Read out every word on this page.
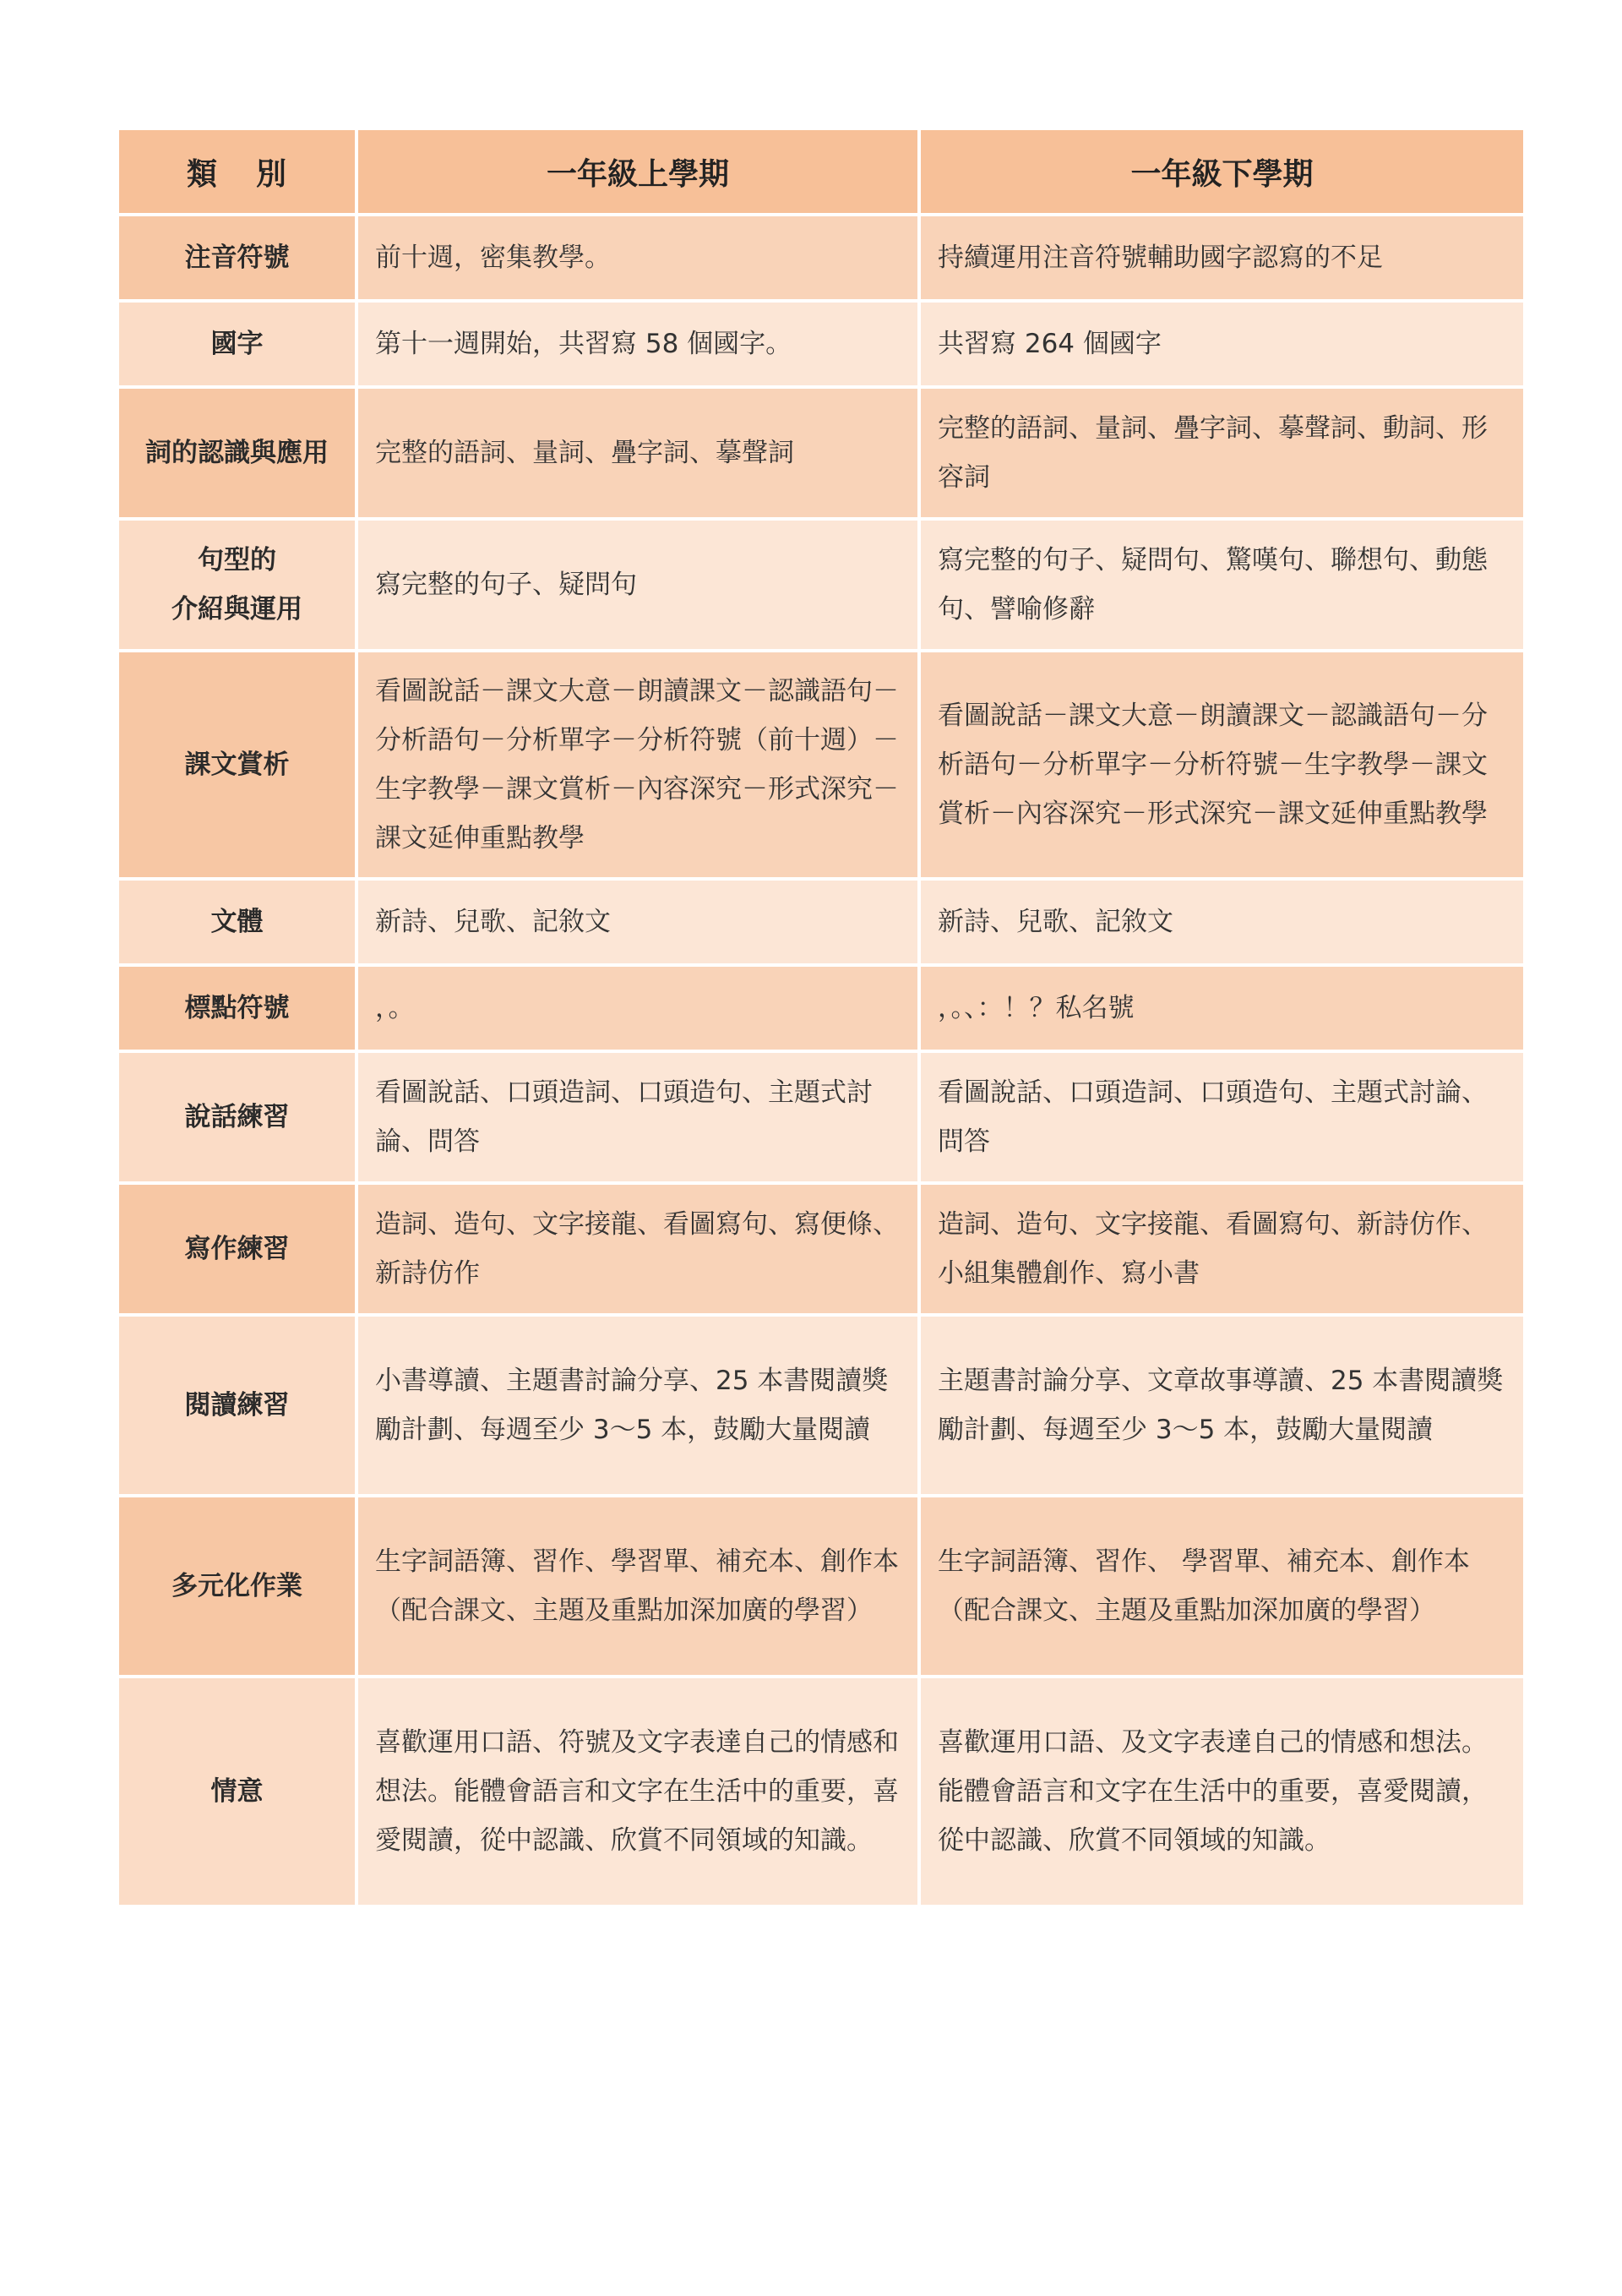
類別	一年級上學期	一年級下學期

注音符號	前十週，密集教學。	持續運用注音符號輔助國字認寫的不足

國字	第十一週開始，共習寫 58 個國字。	共習寫 264 個國字

詞的認識與應用	完整的語詞、量詞、疊字詞、摹聲詞	完整的語詞、量詞、疊字詞、摹聲詞、動詞、形容詞

句型的
介紹與運用	寫完整的句子、疑問句	寫完整的句子、疑問句、驚嘆句、聯想句、動態句、譬喻修辭

課文賞析	看圖說話－課文大意－朗讀課文－認識語句－分析語句－分析單字－分析符號（前十週）－生字教學－課文賞析－內容深究－形式深究－課文延伸重點教學	看圖說話－課文大意－朗讀課文－認識語句－分析語句－分析單字－分析符號－生字教學－課文賞析－內容深究－形式深究－課文延伸重點教學

文體	新詩、兒歌、記敘文	新詩、兒歌、記敘文

標點符號	，。	，。、：！？私名號

說話練習	看圖說話、口頭造詞、口頭造句、主題式討論、問答	看圖說話、口頭造詞、口頭造句、主題式討論、問答

寫作練習	造詞、造句、文字接龍、看圖寫句、寫便條、新詩仿作	造詞、造句、文字接龍、看圖寫句、新詩仿作、小組集體創作、寫小書

閱讀練習	小書導讀、主題書討論分享、25 本書閱讀獎勵計劃、每週至少 3～5 本，鼓勵大量閱讀	主題書討論分享、文章故事導讀、25 本書閱讀獎勵計劃、每週至少 3～5 本，鼓勵大量閱讀

多元化作業	生字詞語簿、習作、學習單、補充本、創作本（配合課文、主題及重點加深加廣的學習）	生字詞語簿、習作、 學習單、補充本、創作本（配合課文、主題及重點加深加廣的學習）

情意	喜歡運用口語、符號及文字表達自己的情感和想法。能體會語言和文字在生活中的重要，喜愛閱讀，從中認識、欣賞不同領域的知識。	喜歡運用口語、及文字表達自己的情感和想法。 能體會語言和文字在生活中的重要，喜愛閱讀，從中認識、欣賞不同領域的知識。
